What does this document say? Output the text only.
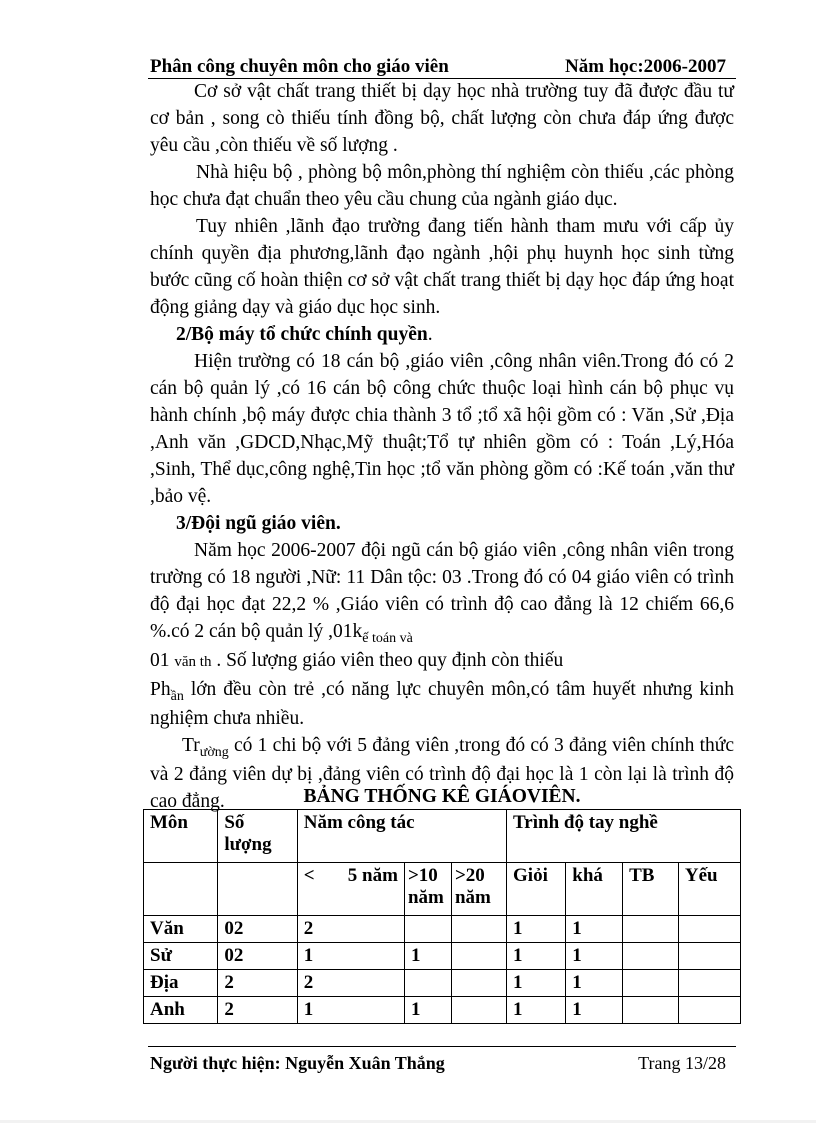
Phân công chuyên môn cho giáo viên	Năm học:2006-2007

Cơ sở vật chất trang thiết bị dạy học nhà trường tuy đã được đầu tư cơ bản , song cò thiếu tính đồng bộ, chất lượng còn chưa đáp ứng được yêu cầu ,còn thiếu về số lượng .

Nhà hiệu bộ , phòng bộ môn,phòng thí nghiệm còn thiếu ,các phòng học chưa đạt chuẩn theo yêu cầu chung của ngành giáo dục.

Tuy nhiên ,lãnh đạo trường đang tiến hành tham mưu với cấp ủy chính quyền địa phương,lãnh đạo ngành ,hội phụ huynh học sinh từng bước cũng cố hoàn thiện cơ sở vật chất trang thiết bị dạy học đáp ứng hoạt động giảng dạy và giáo dục học sinh.

2/Bộ máy tổ chức chính quyền.

Hiện trường có 18 cán bộ ,giáo viên ,công nhân viên.Trong đó có 2 cán bộ quản lý ,có 16 cán bộ công chức thuộc loại hình cán bộ phục vụ hành chính ,bộ máy được chia thành 3 tổ ;tổ xã hội gồm có : Văn ,Sử ,Địa ,Anh văn ,GDCD,Nhạc,Mỹ thuật;Tổ tự nhiên gồm có : Toán ,Lý,Hóa ,Sinh, Thể dục,công nghệ,Tin học ;tổ văn phòng gồm có :Kế toán ,văn thư ,bảo vệ.

3/Đội ngũ giáo viên.

Năm học 2006-2007 đội ngũ cán bộ giáo viên ,công nhân viên trong trường có 18 người ,Nữ: 11 Dân tộc: 03 .Trong đó có 04 giáo viên có trình độ đại học đạt 22,2 % ,Giáo viên có trình độ cao đẳng là 12 chiếm 66,6 %.có 2 cán bộ quản lý $,01k_{ế toán và}$
01 văn th . Số lượng giáo viên theo quy định còn thiếu

$Ph_{ần}$ lớn đều còn trẻ ,có năng lực chuyên môn,có tâm huyết nhưng kinh nghiệm chưa nhiều.

$Tr_{ường}$ có 1 chi bộ với 5 đảng viên ,trong đó có 3 đảng viên chính thức và 2 đảng viên dự bị ,đảng viên có trình độ đại học là 1 còn lại là trình độ cao đẳng.	BẢNG THỐNG KÊ GIÁOVIÊN.
Môn	Số lượng	Năm công tác			Trình độ tay nghề			
		<       5 năm	>10 năm	>20 năm	Giỏi	khá	TB	Yếu
Văn	02	2			1	1		
Sử	02	1	1		1	1		
Địa	2	2			1	1		
Anh	2	1	1		1	1		
Người thực hiện: Nguyễn Xuân Thắng	Trang 13/28
